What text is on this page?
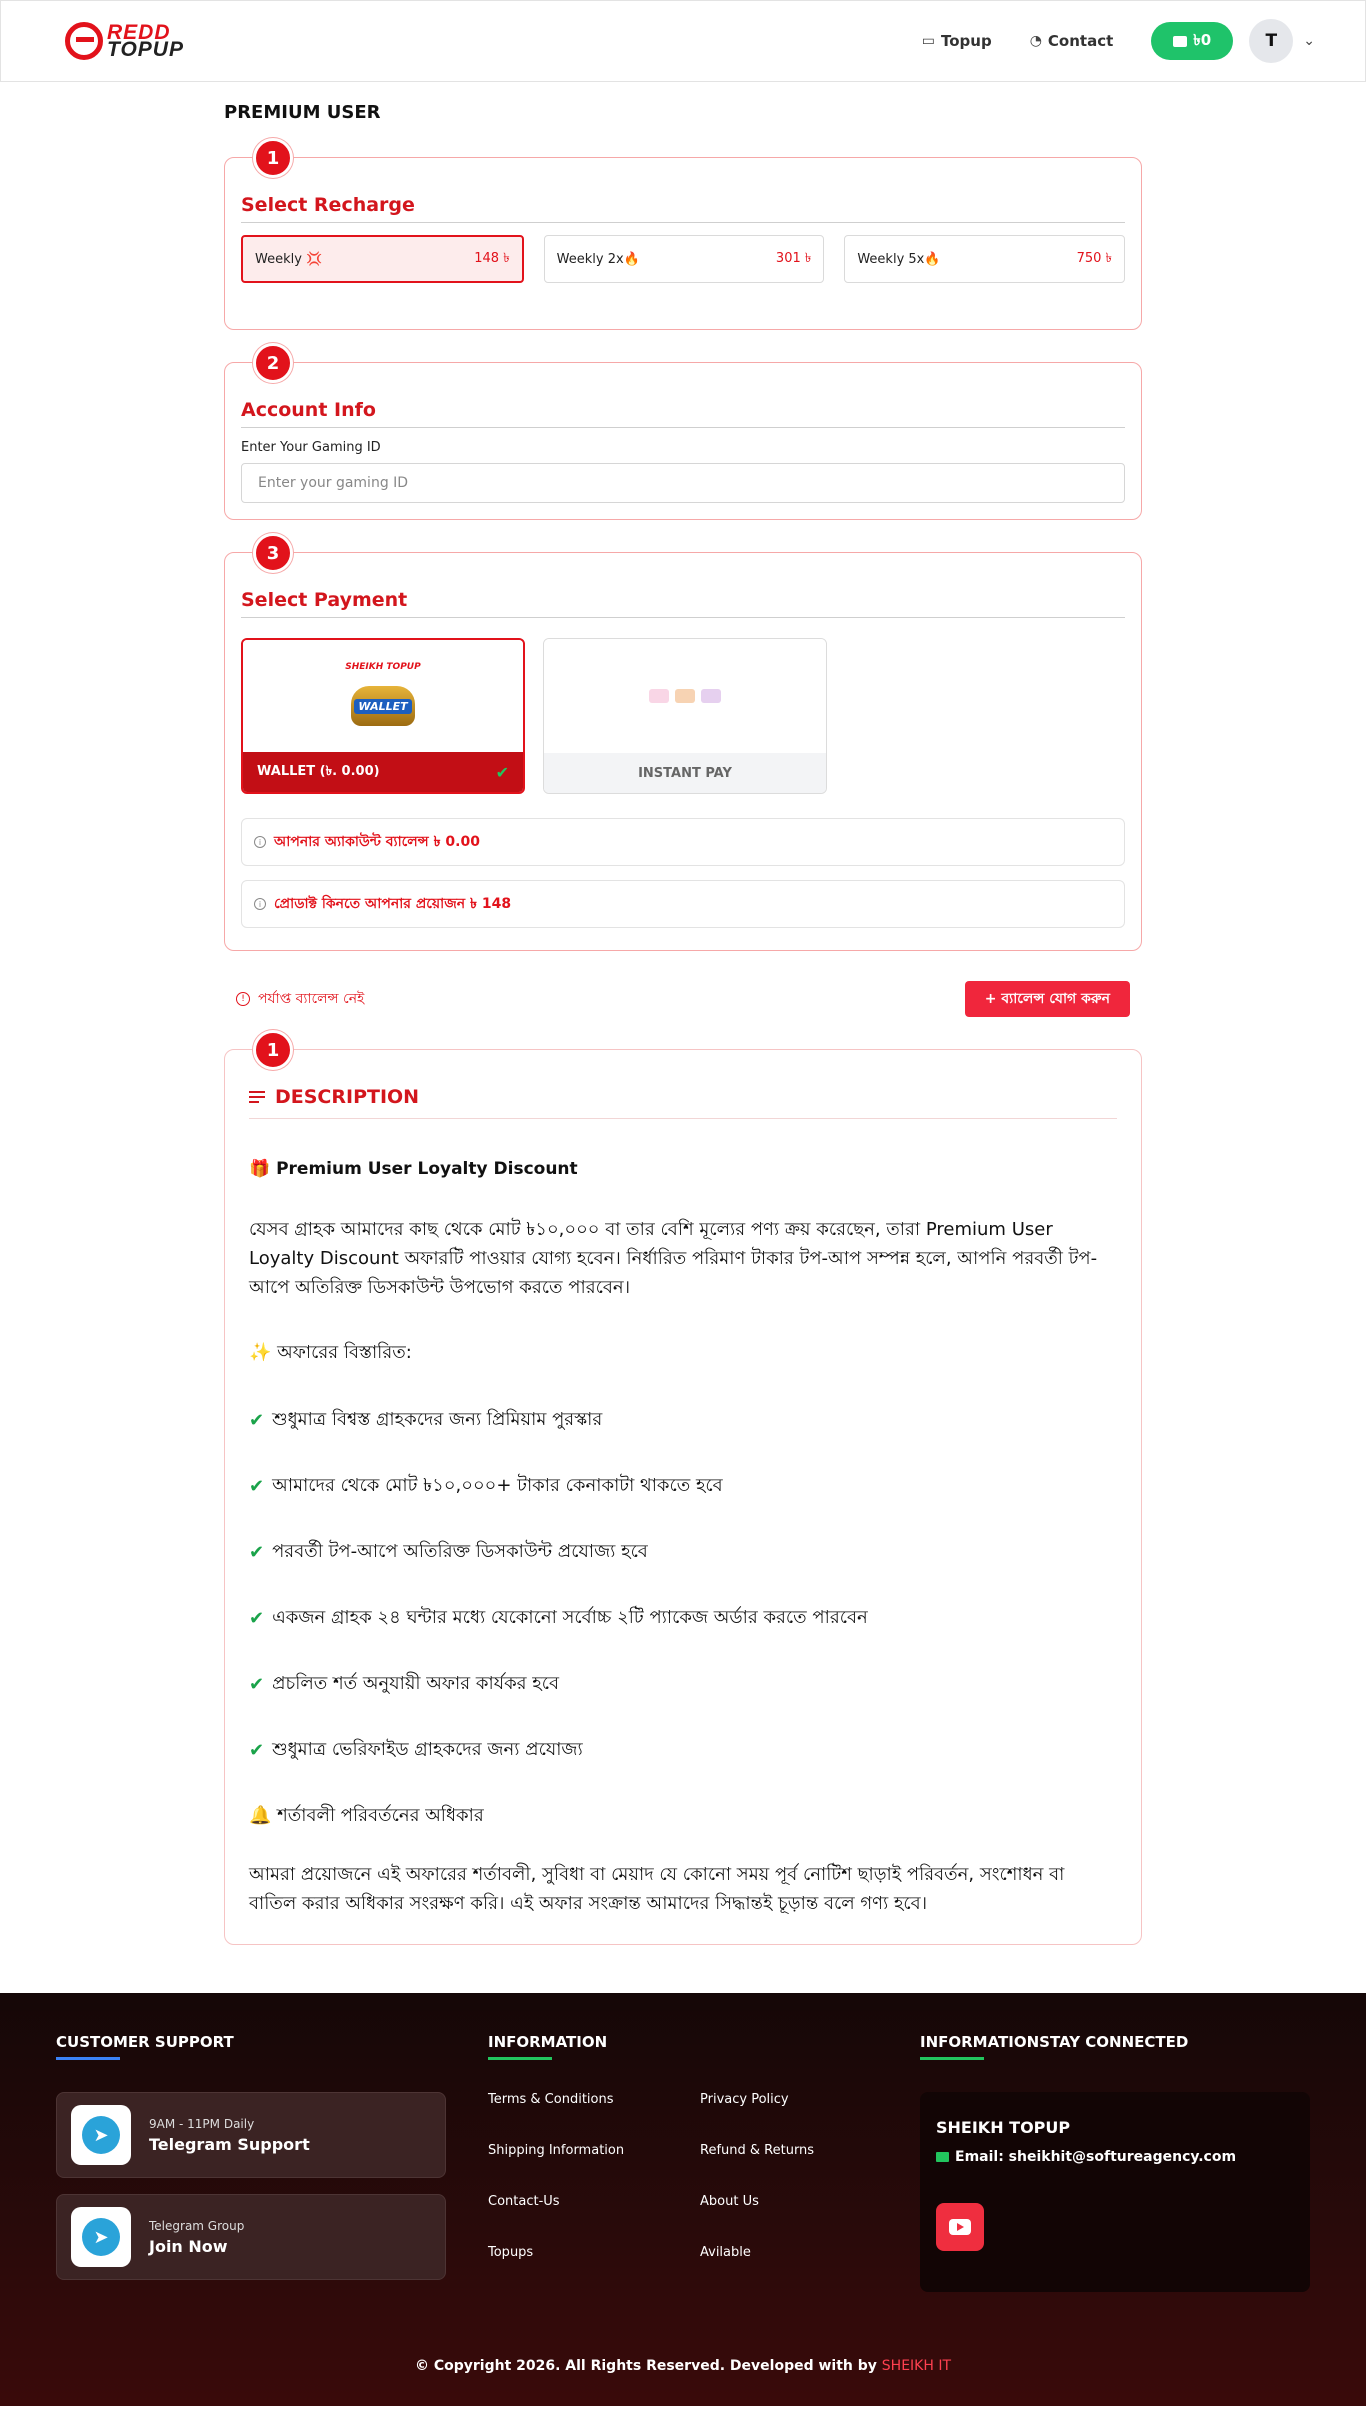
REDD
TOPUP	▭ Topup	◔ Contact	৳0	T	⌄
PREMIUM USER
1
Select Recharge
Weekly 💢	148 ৳	Weekly 2x🔥	301 ৳	Weekly 5x🔥	750 ৳
2
Account Info
Enter Your Gaming ID
Enter your gaming ID
3
Select Payment
SHEIKH TOPUP
WALLET
WALLET (৳. 0.00)	✔	INSTANT PAY
i আপনার অ্যাকাউন্ট ব্যালেন্স ৳ 0.00
i প্রোডাক্ট কিনতে আপনার প্রয়োজন ৳ 148
! পর্যাপ্ত ব্যালেন্স নেই	+ ব্যালেন্স যোগ করুন
1
DESCRIPTION
🎁 Premium User Loyalty Discount
যেসব গ্রাহক আমাদের কাছ থেকে মোট ৳১০,০০০ বা তার বেশি মূল্যের পণ্য ক্রয় করেছেন, তারা Premium User Loyalty Discount অফারটি পাওয়ার যোগ্য হবেন। নির্ধারিত পরিমাণ টাকার টপ-আপ সম্পন্ন হলে, আপনি পরবর্তী টপ-আপে অতিরিক্ত ডিসকাউন্ট উপভোগ করতে পারবেন।
✨ অফারের বিস্তারিত:
✔ শুধুমাত্র বিশ্বস্ত গ্রাহকদের জন্য প্রিমিয়াম পুরস্কার
✔ আমাদের থেকে মোট ৳১০,০০০+ টাকার কেনাকাটা থাকতে হবে
✔ পরবর্তী টপ-আপে অতিরিক্ত ডিসকাউন্ট প্রযোজ্য হবে
✔ একজন গ্রাহক ২৪ ঘন্টার মধ্যে যেকোনো সর্বোচ্চ ২টি প্যাকেজ অর্ডার করতে পারবেন
✔ প্রচলিত শর্ত অনুযায়ী অফার কার্যকর হবে
✔ শুধুমাত্র ভেরিফাইড গ্রাহকদের জন্য প্রযোজ্য
🔔 শর্তাবলী পরিবর্তনের অধিকার
আমরা প্রয়োজনে এই অফারের শর্তাবলী, সুবিধা বা মেয়াদ যে কোনো সময় পূর্ব নোটিশ ছাড়াই পরিবর্তন, সংশোধন বা বাতিল করার অধিকার সংরক্ষণ করি। এই অফার সংক্রান্ত আমাদের সিদ্ধান্তই চূড়ান্ত বলে গণ্য হবে।
CUSTOMER SUPPORT
➤
9AM - 11PM Daily
Telegram Support
➤
Telegram Group
Join Now
INFORMATION
Terms & Conditions	Privacy Policy
Shipping Information	Refund & Returns
Contact-Us	About Us
Topups	Avilable
INFORMATIONSTAY CONNECTED
SHEIKH TOPUP
Email: sheikhit@softureagency.com
© Copyright 2026. All Rights Reserved. Developed with by SHEIKH IT
